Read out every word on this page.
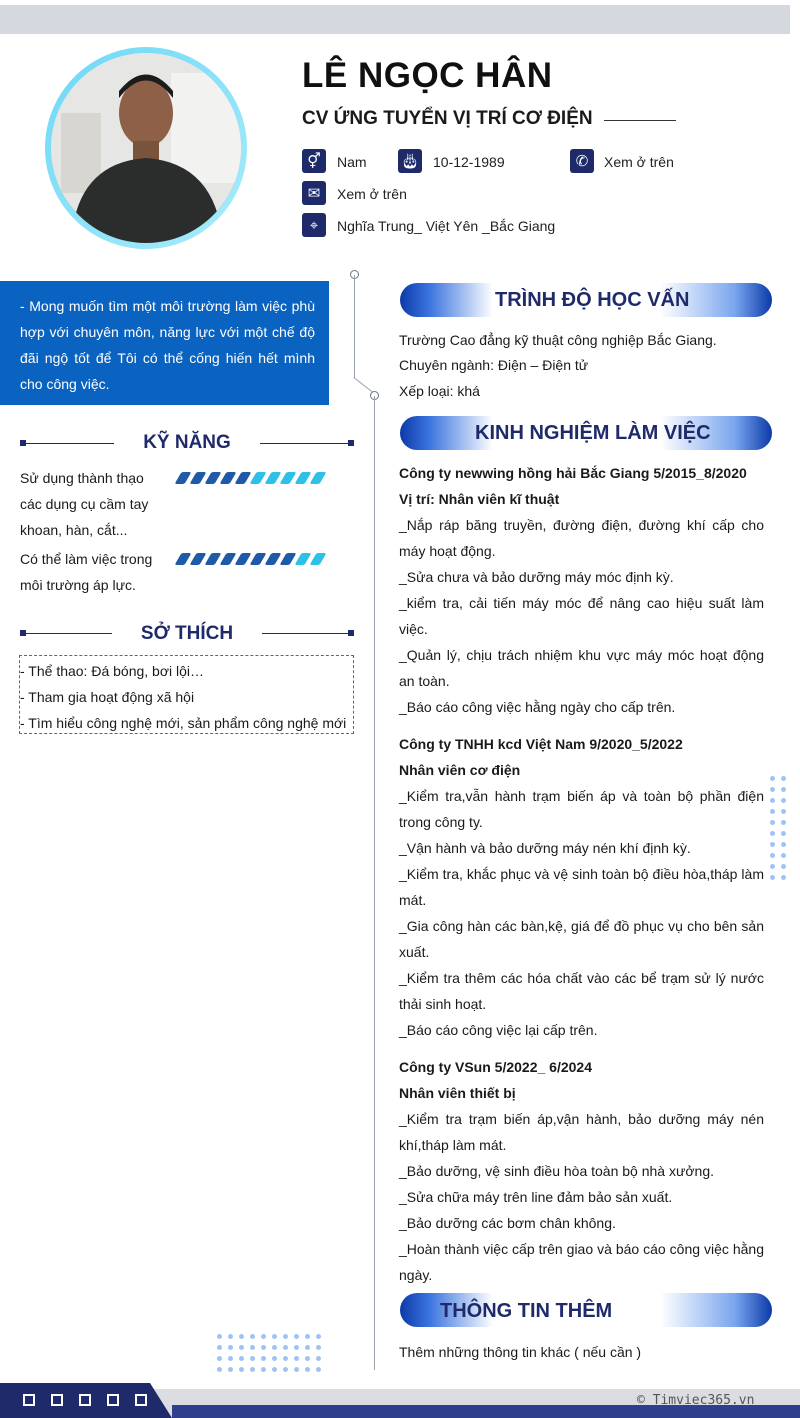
LÊ NGỌC HÂN
CV ỨNG TUYỂN VỊ TRÍ CƠ ĐIỆN
⚥	Nam 🎂︎ 10-12-1989	✆	Xem ở trên
✉	Xem ở trên
⌖	Nghĩa Trung_ Việt Yên _Bắc Giang
- Mong muốn tìm một môi trường làm việc phù hợp với chuyên môn, năng lực với một chế độ đãi ngộ tốt để Tôi có thể cống hiến hết mình cho công việc.
KỸ NĂNG
Sử dụng thành thạo các dụng cụ cầm tay khoan, hàn, cắt...
Có thể làm việc trong môi trường áp lực.
SỞ THÍCH
- Thể thao: Đá bóng, bơi lội…
- Tham gia hoạt động xã hội
- Tìm hiểu công nghệ mới, sản phẩm công nghệ mới
TRÌNH ĐỘ HỌC VẤN
Trường Cao đẳng kỹ thuật công nghiệp Bắc Giang.
Chuyên ngành: Điện – Điện tử
Xếp loại: khá
KINH NGHIỆM LÀM VIỆC
Công ty newwing hồng hải Bắc Giang 5/2015_8/2020
Vị trí: Nhân viên kĩ thuật
_Nắp ráp băng truyền, đường điện, đường khí cấp cho máy hoạt động.
_Sửa chưa và bảo dưỡng máy móc định kỳ.
_kiểm tra, cải tiến máy móc để nâng cao hiệu suất làm việc.
_Quản lý, chịu trách nhiệm khu vực máy móc hoạt động an toàn.
_Báo cáo công việc hằng ngày cho cấp trên.
Công ty TNHH kcd Việt Nam 9/2020_5/2022
Nhân viên cơ điện
_Kiểm tra,vẫn hành trạm biến áp và toàn bộ phần điện trong công ty.
_Vận hành và bảo dưỡng máy nén khí định kỳ.
_Kiểm tra, khắc phục và vệ sinh toàn bộ điều hòa,tháp làm mát.
_Gia công hàn các bàn,kệ, giá để đồ phục vụ cho bên sản xuất.
_Kiểm tra thêm các hóa chất vào các bể trạm sử lý nước thải sinh hoạt.
_Báo cáo công việc lại cấp trên.
Công ty VSun 5/2022_ 6/2024
Nhân viên thiết bị
_Kiểm tra trạm biến áp,vận hành, bảo dưỡng máy nén khí,tháp làm mát.
_Bảo dưỡng, vệ sinh điều hòa toàn bộ nhà xưởng.
_Sửa chữa máy trên line đảm bảo sản xuất.
_Bảo dưỡng các bơm chân không.
_Hoàn thành việc cấp trên giao và báo cáo công việc hằng ngày.
THÔNG TIN THÊM
Thêm những thông tin khác ( nếu cần )
© Timviec365.vn
